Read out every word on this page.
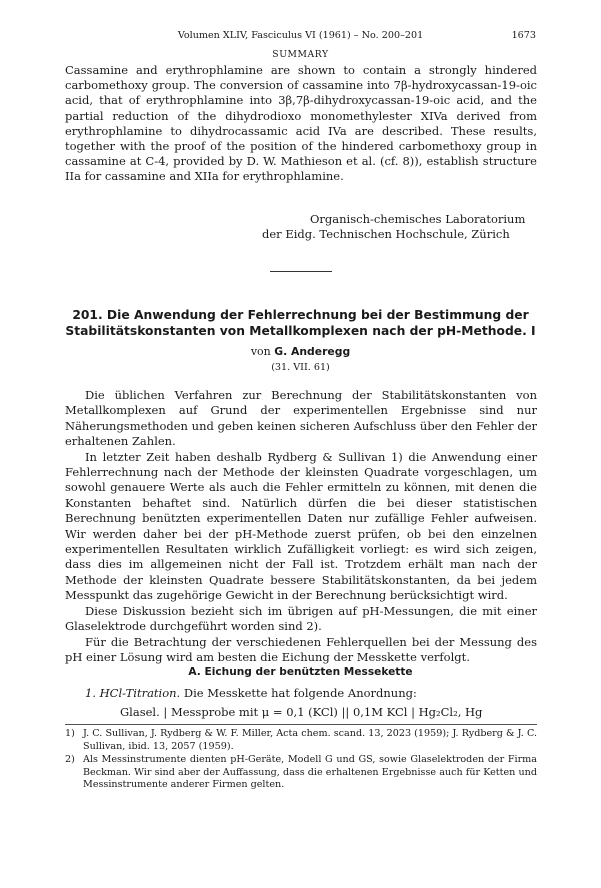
Volumen XLIV, Fasciculus VI (1961) – No. 200–201	1673
SUMMARY

Cassamine and erythrophlamine are shown to contain a strongly hindered carbomethoxy group. The conversion of cassamine into 7β-hydroxycassan-19-oic acid, that of erythrophlamine into 3β,7β-dihydroxycassan-19-oic acid, and the partial reduction of the dihydrodioxo monomethylester XIVa derived from erythrophlamine to dihydrocassamic acid IVa are described. These results, together with the proof of the position of the hindered carbomethoxy group in cassamine at C-4, provided by D. W. Mathieson et al. (cf. 8)), establish structure IIa for cassamine and XIIa for erythrophlamine.

Organisch-chemisches Laboratorium
der Eidg. Technischen Hochschule, Zürich
201. Die Anwendung der Fehlerrechnung bei der Bestimmung der Stabilitätskonstanten von Metallkomplexen nach der pH-Methode. I
von G. Anderegg
(31. VII. 61)

Die üblichen Verfahren zur Berechnung der Stabilitätskonstanten von Metallkomplexen auf Grund der experimentellen Ergebnisse sind nur Näherungsmethoden und geben keinen sicheren Aufschluss über den Fehler der erhaltenen Zahlen.

In letzter Zeit haben deshalb Rydberg & Sullivan 1) die Anwendung einer Fehlerrechnung nach der Methode der kleinsten Quadrate vorgeschlagen, um sowohl genauere Werte als auch die Fehler ermitteln zu können, mit denen die Konstanten behaftet sind. Natürlich dürfen die bei dieser statistischen Berechnung benützten experimentellen Daten nur zufällige Fehler aufweisen. Wir werden daher bei der pH-Methode zuerst prüfen, ob bei den einzelnen experimentellen Resultaten wirklich Zufälligkeit vorliegt: es wird sich zeigen, dass dies im allgemeinen nicht der Fall ist. Trotzdem erhält man nach der Methode der kleinsten Quadrate bessere Stabilitätskonstanten, da bei jedem Messpunkt das zugehörige Gewicht in der Berechnung berücksichtigt wird.

Diese Diskussion bezieht sich im übrigen auf pH-Messungen, die mit einer Glaselektrode durchgeführt worden sind 2).

Für die Betrachtung der verschiedenen Fehlerquellen bei der Messung des pH einer Lösung wird am besten die Eichung der Messkette verfolgt.

A. Eichung der benützten Messekette
1. HCl-Titration. Die Messkette hat folgende Anordnung:
Glasel. | Messprobe mit μ = 0,1 (KCl) || 0,1M KCl | Hg₂Cl₂, Hg

1) J. C. Sullivan, J. Rydberg & W. F. Miller, Acta chem. scand. 13, 2023 (1959); J. Rydberg & J. C. Sullivan, ibid. 13, 2057 (1959).

2) Als Messinstrumente dienten pH-Geräte, Modell G und GS, sowie Glaselektroden der Firma Beckman. Wir sind aber der Auffassung, dass die erhaltenen Ergebnisse auch für Ketten und Messinstrumente anderer Firmen gelten.
